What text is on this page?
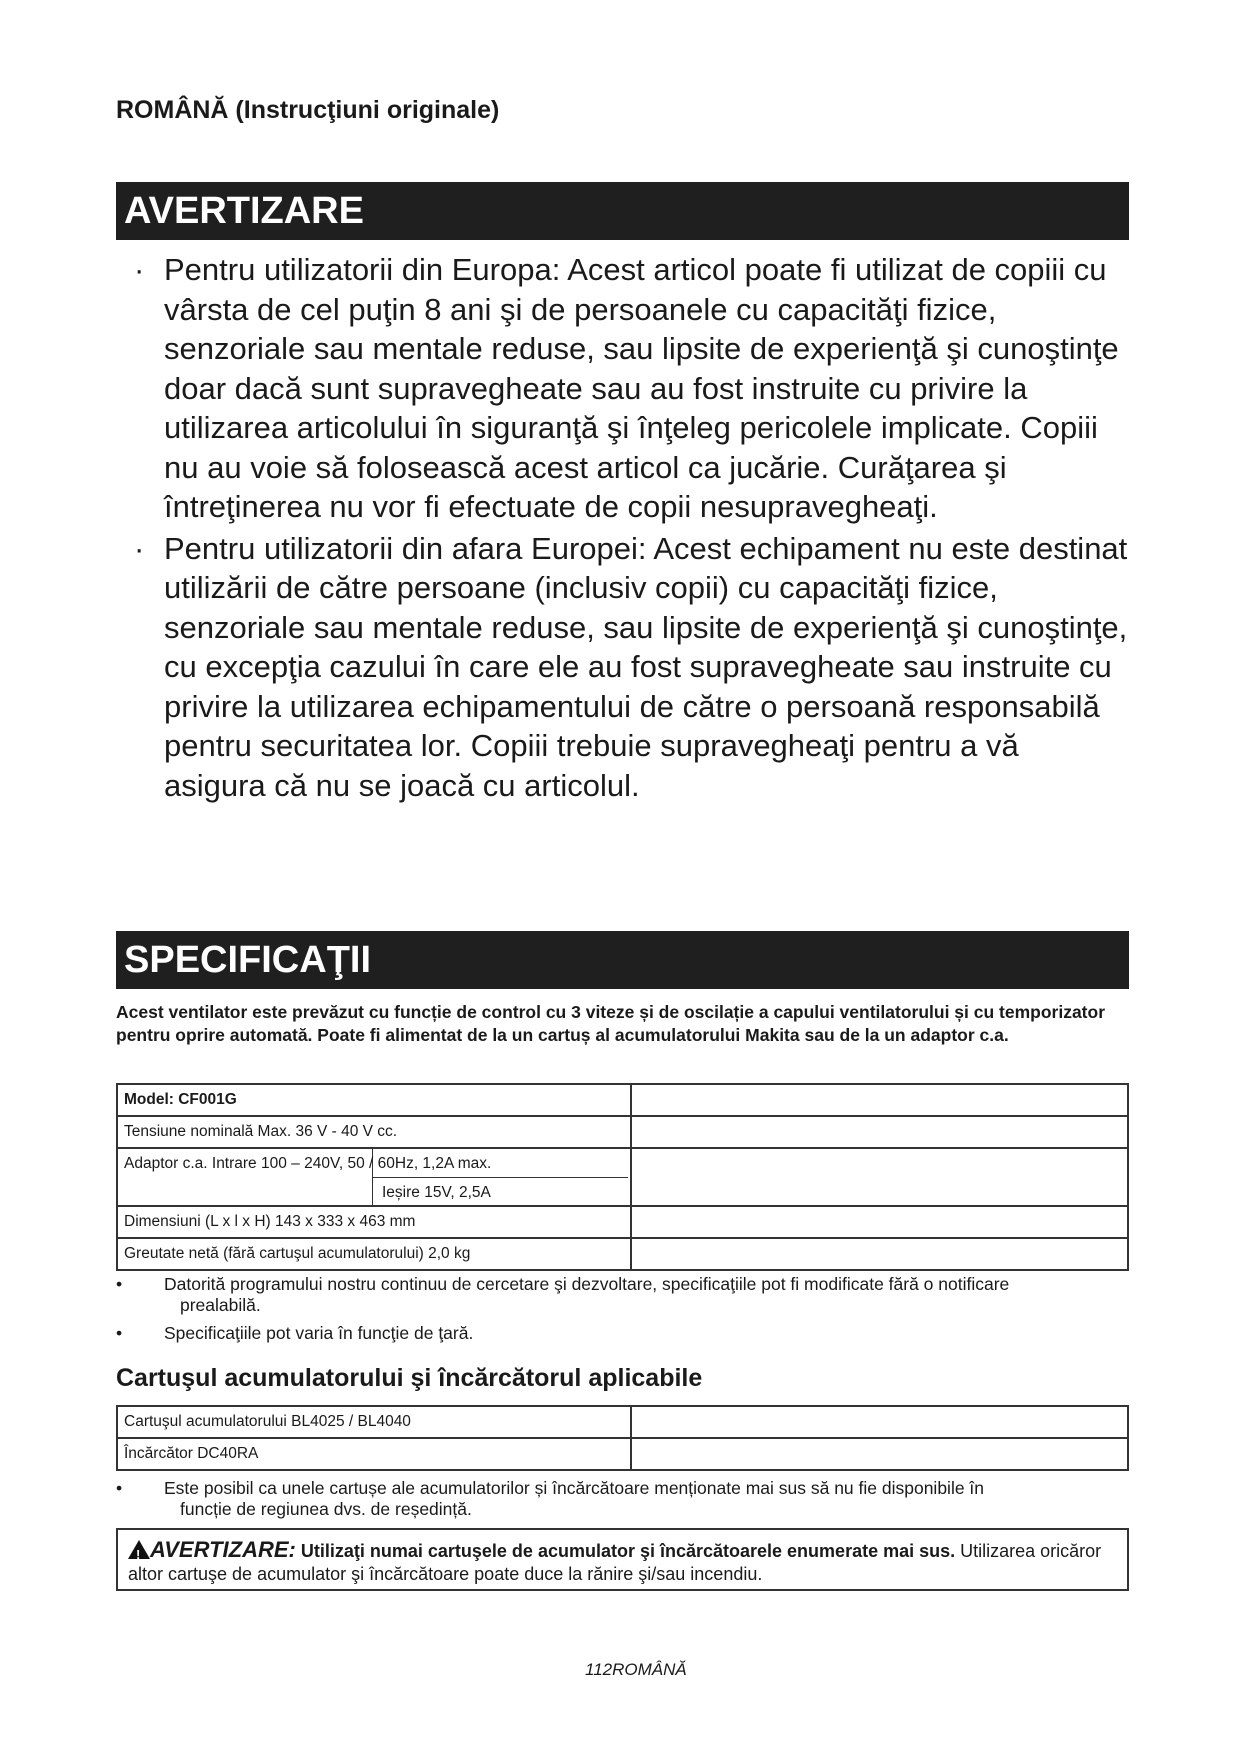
ROMÂNĂ (Instrucţiuni originale)
AVERTIZARE
· Pentru utilizatorii din Europa: Acest articol poate fi utilizat de copiii cu vârsta de cel puţin 8 ani şi de persoanele cu capacităţi fizice, senzoriale sau mentale reduse, sau lipsite de experienţă şi cunoştinţe doar dacă sunt supravegheate sau au fost instruite cu privire la utilizarea articolului în siguranţă şi înţeleg pericolele implicate. Copiii nu au voie să folosească acest articol ca jucărie. Curăţarea şi întreţinerea nu vor fi efectuate de copii nesupravegheaţi.
· Pentru utilizatorii din afara Europei: Acest echipament nu este destinat utilizării de către persoane (inclusiv copii) cu capacităţi fizice, senzoriale sau mentale reduse, sau lipsite de experienţă şi cunoştinţe, cu excepţia cazului în care ele au fost supravegheate sau instruite cu privire la utilizarea echipamentului de către o persoană responsabilă pentru securitatea lor. Copiii trebuie supravegheaţi pentru a vă asigura că nu se joacă cu articolul.
SPECIFICAŢII
Acest ventilator este prevăzut cu funcție de control cu 3 viteze și de oscilație a capului ventilatorului și cu temporizator pentru oprire automată. Poate fi alimentat de la un cartuș al acumulatorului Makita sau de la un adaptor c.a.
Model: CF001G	
Tensiune nominală Max. 36 V - 40 V cc.	

Adaptor c.a. Intrare 100 – 240V, 50 / 60Hz, 1,2A max.
Ieșire 15V, 2,5A	

Dimensiuni (L x l x H) 143 x 333 x 463 mm	
Greutate netă (fără cartuşul acumulatorului) 2,0 kg	
• Datorită programului nostru continuu de cercetare şi dezvoltare, specificaţiile pot fi modificate fără o notificare
prealabilă.
• Specificaţiile pot varia în funcţie de ţară.
Cartuşul acumulatorului şi încărcătorul aplicabile
Cartuşul acumulatorului BL4025 / BL4040	
Încărcător DC40RA	
• Este posibil ca unele cartușe ale acumulatorilor și încărcătoare menționate mai sus să nu fie disponibile în
funcție de regiunea dvs. de reședință.
!AVERTIZARE: Utilizaţi numai cartuşele de acumulator şi încărcătoarele enumerate mai sus. Utilizarea oricăror altor cartuşe de acumulator şi încărcătoare poate duce la rănire şi/sau incendiu.
112ROMÂNĂ
